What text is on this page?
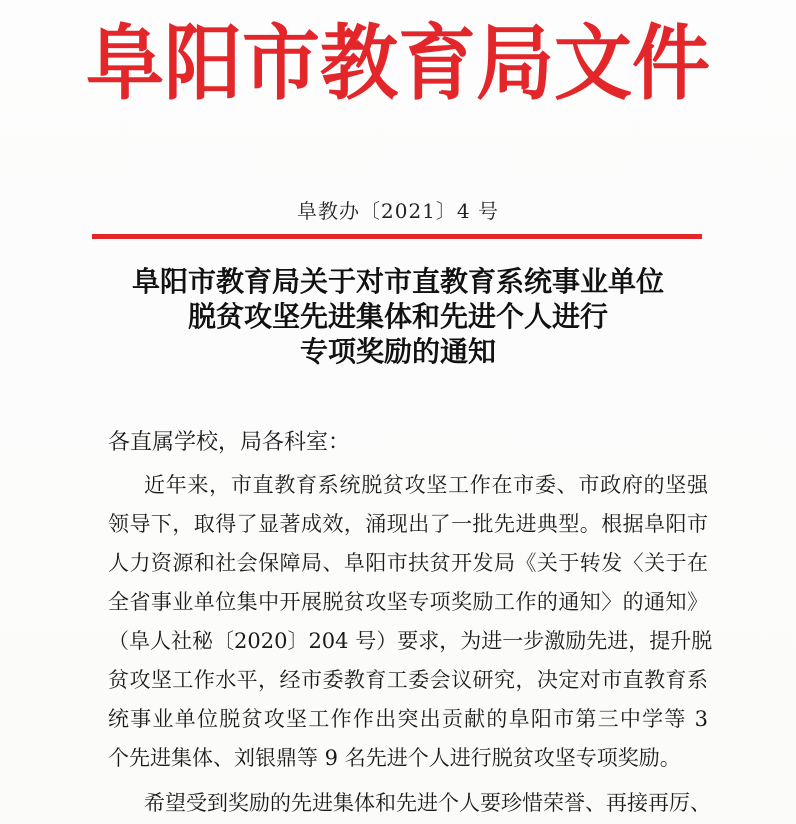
阜阳市教育局文件
阜教办〔2021〕4 号
阜阳市教育局关于对市直教育系统事业单位
脱贫攻坚先进集体和先进个人进行
专项奖励的通知
各直属学校，局各科室：
近年来，市直教育系统脱贫攻坚工作在市委、市政府的坚强
领导下，取得了显著成效，涌现出了一批先进典型。根据阜阳市
人力资源和社会保障局、阜阳市扶贫开发局《关于转发〈关于在
全省事业单位集中开展脱贫攻坚专项奖励工作的通知〉的通知》
（阜人社秘〔2020〕204 号）要求，为进一步激励先进，提升脱
贫攻坚工作水平，经市委教育工委会议研究，决定对市直教育系
统事业单位脱贫攻坚工作作出突出贡献的阜阳市第三中学等 3
个先进集体、刘银鼎等 9 名先进个人进行脱贫攻坚专项奖励。
希望受到奖励的先进集体和先进个人要珍惜荣誉、再接再厉、
